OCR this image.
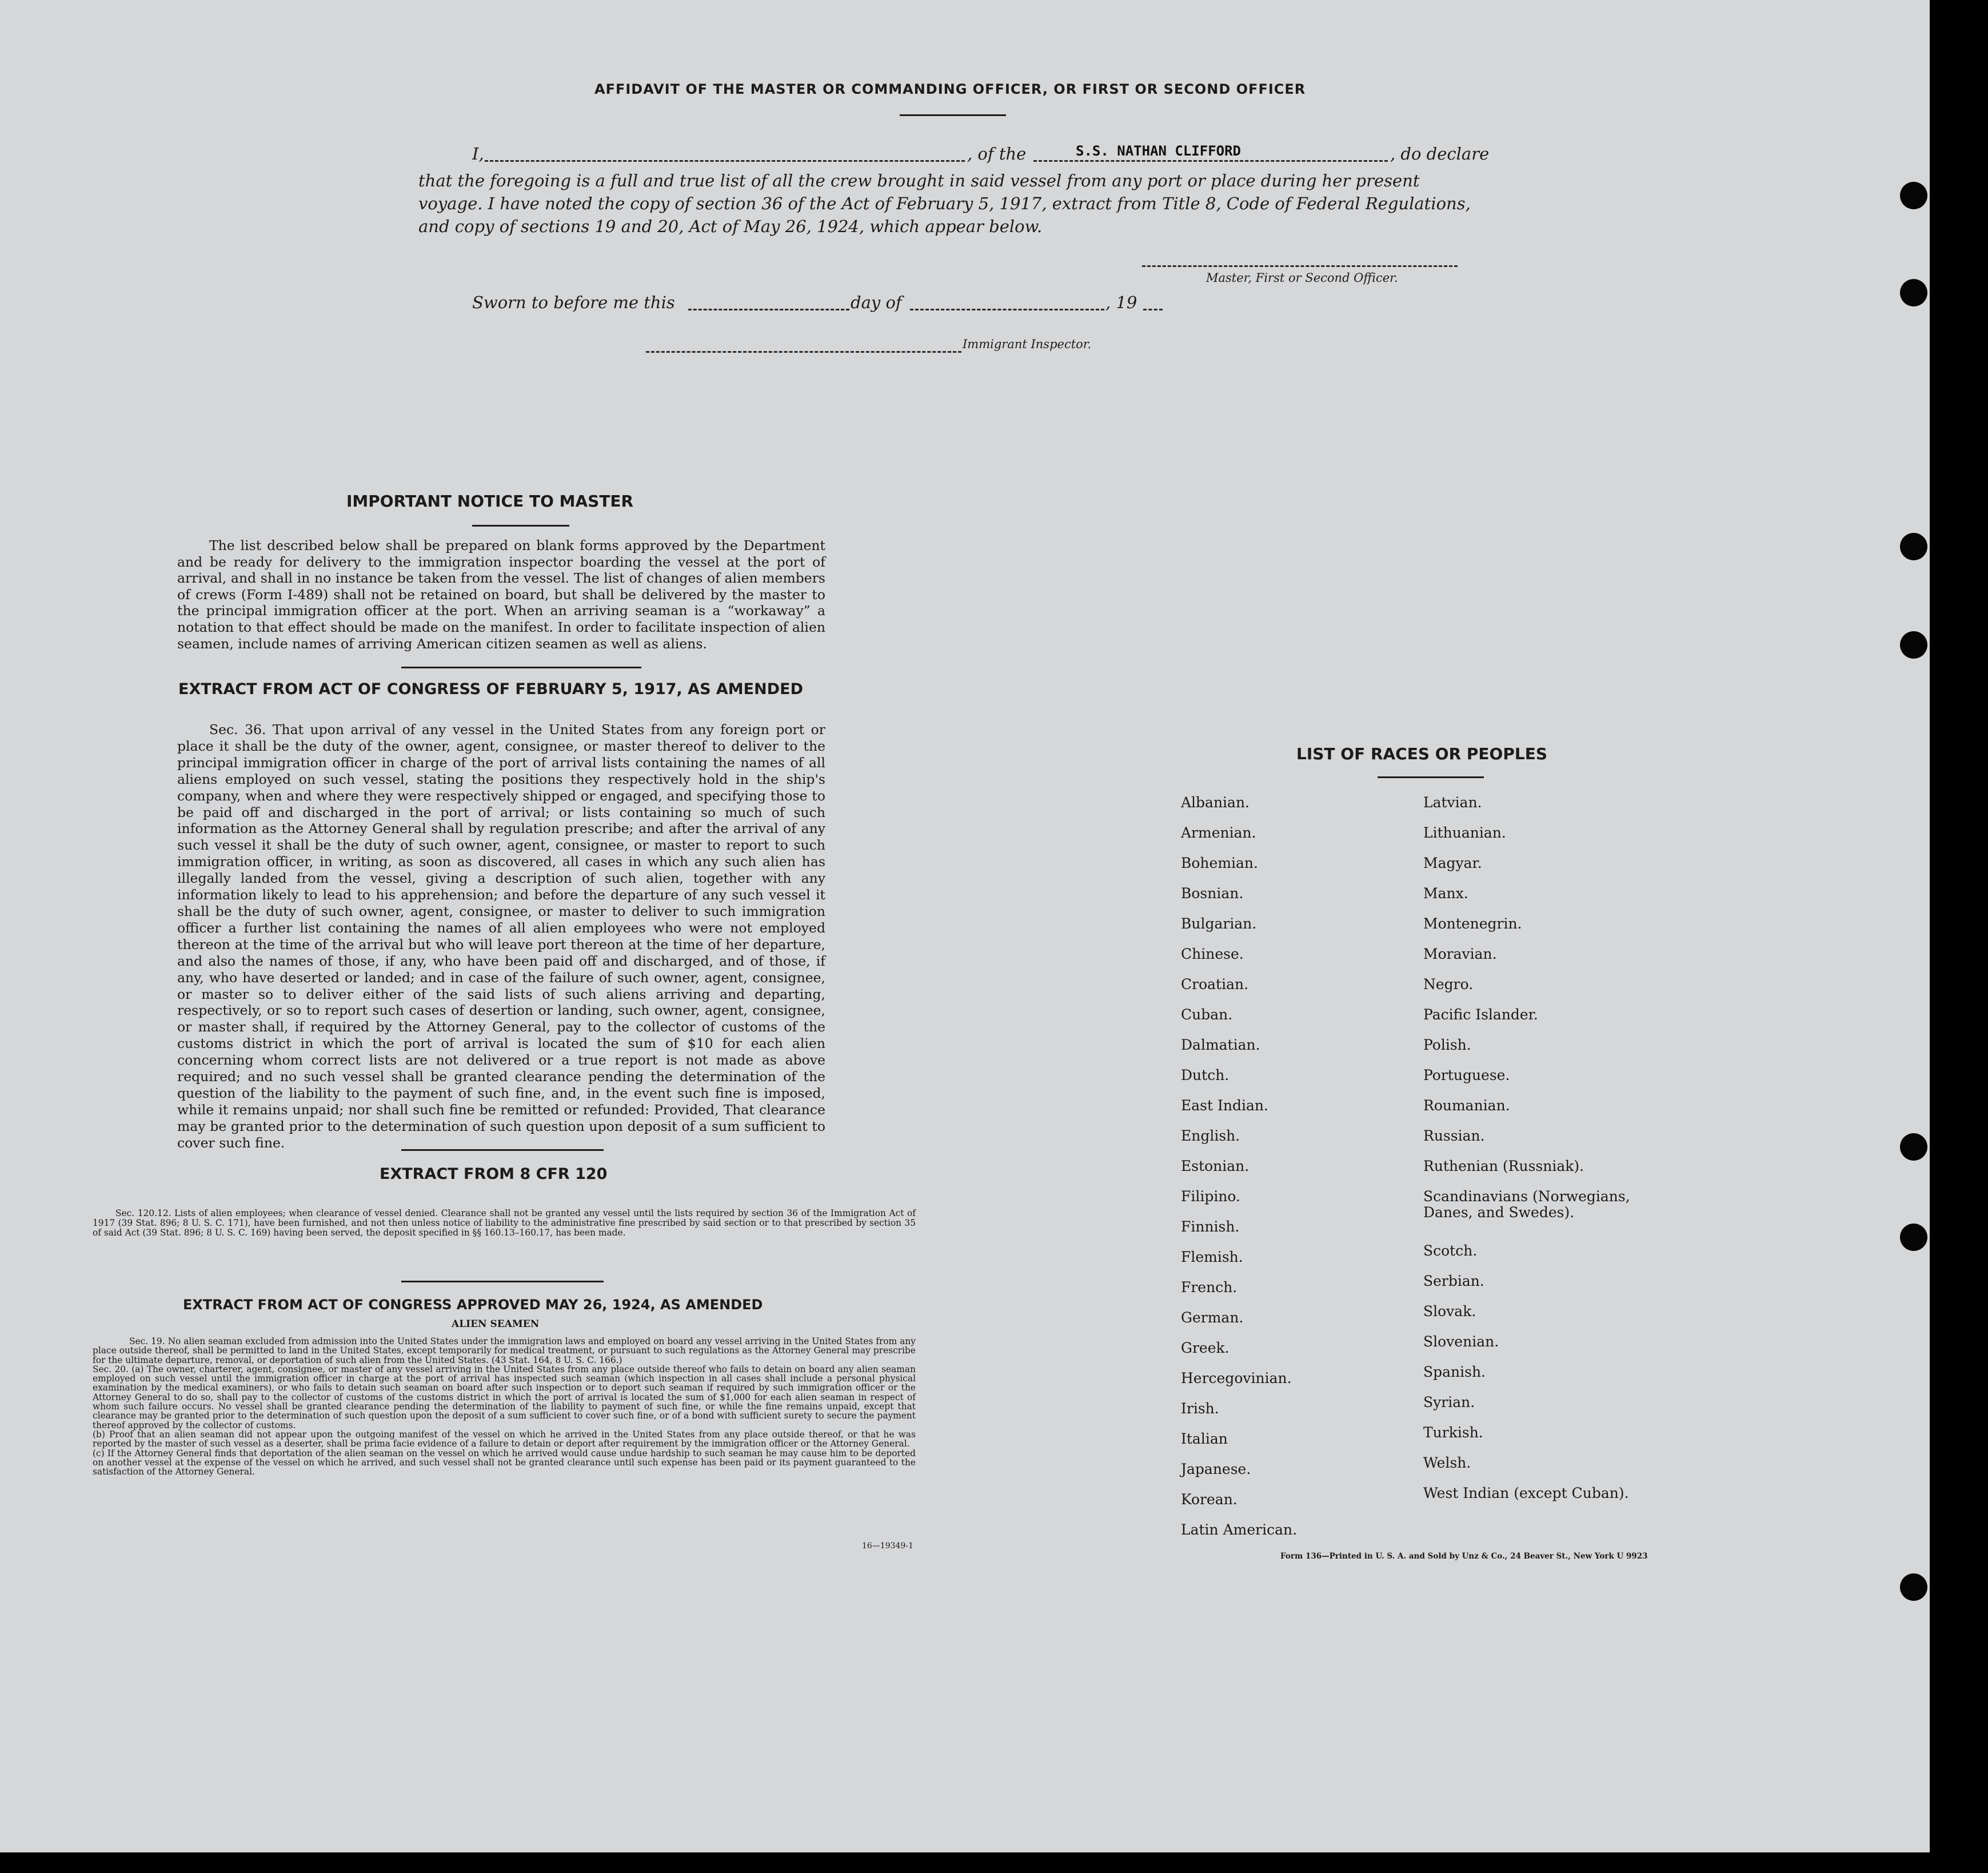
AFFIDAVIT OF THE MASTER OR COMMANDING OFFICER, OR FIRST OR SECOND OFFICER
I,	, of the	S.S. NATHAN CLIFFORD	, do declare
that the foregoing is a full and true list of all the crew brought in said vessel from any port or place during her present
voyage. I have noted the copy of section 36 of the Act of February 5, 1917, extract from Title 8, Code of Federal Regulations,
and copy of sections 19 and 20, Act of May 26, 1924, which appear below.
Master, First or Second Officer.
Sworn to before me this	day of	, 19
Immigrant Inspector.
IMPORTANT NOTICE TO MASTER
The list described below shall be prepared on blank forms approved by the Department and be ready for delivery to the immigration inspector boarding the vessel at the port of arrival, and shall in no instance be taken from the vessel. The list of changes of alien members of crews (Form I-489) shall not be retained on board, but shall be delivered by the master to the principal immigration officer at the port. When an arriving seaman is a “workaway” a notation to that effect should be made on the manifest. In order to facilitate inspection of alien seamen, include names of arriving American citizen seamen as well as aliens.
EXTRACT FROM ACT OF CONGRESS OF FEBRUARY 5, 1917, AS AMENDED
Sec. 36. That upon arrival of any vessel in the United States from any foreign port or place it shall be the duty of the owner, agent, consignee, or master thereof to deliver to the principal immigration officer in charge of the port of arrival lists containing the names of all aliens employed on such vessel, stating the positions they respectively hold in the ship's company, when and where they were respectively shipped or engaged, and specifying those to be paid off and discharged in the port of arrival; or lists containing so much of such information as the Attorney General shall by regulation prescribe; and after the arrival of any such vessel it shall be the duty of such owner, agent, consignee, or master to report to such immigration officer, in writing, as soon as discovered, all cases in which any such alien has illegally landed from the vessel, giving a description of such alien, together with any information likely to lead to his apprehension; and before the departure of any such vessel it shall be the duty of such owner, agent, consignee, or master to deliver to such immigration officer a further list containing the names of all alien employees who were not employed thereon at the time of the arrival but who will leave port thereon at the time of her departure, and also the names of those, if any, who have been paid off and discharged, and of those, if any, who have deserted or landed; and in case of the failure of such owner, agent, consignee, or master so to deliver either of the said lists of such aliens arriving and departing, respectively, or so to report such cases of desertion or landing, such owner, agent, consignee, or master shall, if required by the Attorney General, pay to the collector of customs of the customs district in which the port of arrival is located the sum of $10 for each alien concerning whom correct lists are not delivered or a true report is not made as above required; and no such vessel shall be granted clearance pending the determination of the question of the liability to the payment of such fine, and, in the event such fine is imposed, while it remains unpaid; nor shall such fine be remitted or refunded: Provided, That clearance may be granted prior to the determination of such question upon deposit of a sum sufficient to cover such fine.
EXTRACT FROM 8 CFR 120
Sec. 120.12. Lists of alien employees; when clearance of vessel denied. Clearance shall not be granted any vessel until the lists required by section 36 of the Immigration Act of 1917 (39 Stat. 896; 8 U. S. C. 171), have been furnished, and not then unless notice of liability to the administrative fine prescribed by said section or to that prescribed by section 35 of said Act (39 Stat. 896; 8 U. S. C. 169) having been served, the deposit specified in §§ 160.13–160.17, has been made.
EXTRACT FROM ACT OF CONGRESS APPROVED MAY 26, 1924, AS AMENDED
ALIEN SEAMEN
Sec. 19. No alien seaman excluded from admission into the United States under the immigration laws and employed on board any vessel arriving in the United States from any place outside thereof, shall be permitted to land in the United States, except temporarily for medical treatment, or pursuant to such regulations as the Attorney General may prescribe for the ultimate departure, removal, or deportation of such alien from the United States. (43 Stat. 164, 8 U. S. C. 166.)
Sec. 20. (a) The owner, charterer, agent, consignee, or master of any vessel arriving in the United States from any place outside thereof who fails to detain on board any alien seaman employed on such vessel until the immigration officer in charge at the port of arrival has inspected such seaman (which inspection in all cases shall include a personal physical examination by the medical examiners), or who fails to detain such seaman on board after such inspection or to deport such seaman if required by such immigration officer or the Attorney General to do so, shall pay to the collector of customs of the customs district in which the port of arrival is located the sum of $1,000 for each alien seaman in respect of whom such failure occurs. No vessel shall be granted clearance pending the determination of the liability to payment of such fine, or while the fine remains unpaid, except that clearance may be granted prior to the determination of such question upon the deposit of a sum sufficient to cover such fine, or of a bond with sufficient surety to secure the payment thereof approved by the collector of customs.
(b) Proof that an alien seaman did not appear upon the outgoing manifest of the vessel on which he arrived in the United States from any place outside thereof, or that he was reported by the master of such vessel as a deserter, shall be prima facie evidence of a failure to detain or deport after requirement by the immigration officer or the Attorney General.
(c) If the Attorney General finds that deportation of the alien seaman on the vessel on which he arrived would cause undue hardship to such seaman he may cause him to be deported on another vessel at the expense of the vessel on which he arrived, and such vessel shall not be granted clearance until such expense has been paid or its payment guaranteed to the satisfaction of the Attorney General.
16—19349-1
LIST OF RACES OR PEOPLES
Form 136—Printed in U. S. A. and Sold by Unz & Co., 24 Beaver St., New York U 9923
Albanian.
Armenian.
Bohemian.
Bosnian.
Bulgarian.
Chinese.
Croatian.
Cuban.
Dalmatian.
Dutch.
East Indian.
English.
Estonian.
Filipino.
Finnish.
Flemish.
French.
German.
Greek.
Hercegovinian.
Irish.
Italian
Japanese.
Korean.
Latin American.
Latvian.
Lithuanian.
Magyar.
Manx.
Montenegrin.
Moravian.
Negro.
Pacific Islander.
Polish.
Portuguese.
Roumanian.
Russian.
Ruthenian (Russniak).
Scandinavians (Norwegians,
Danes, and Swedes).
Scotch.
Serbian.
Slovak.
Slovenian.
Spanish.
Syrian.
Turkish.
Welsh.
West Indian (except Cuban).
